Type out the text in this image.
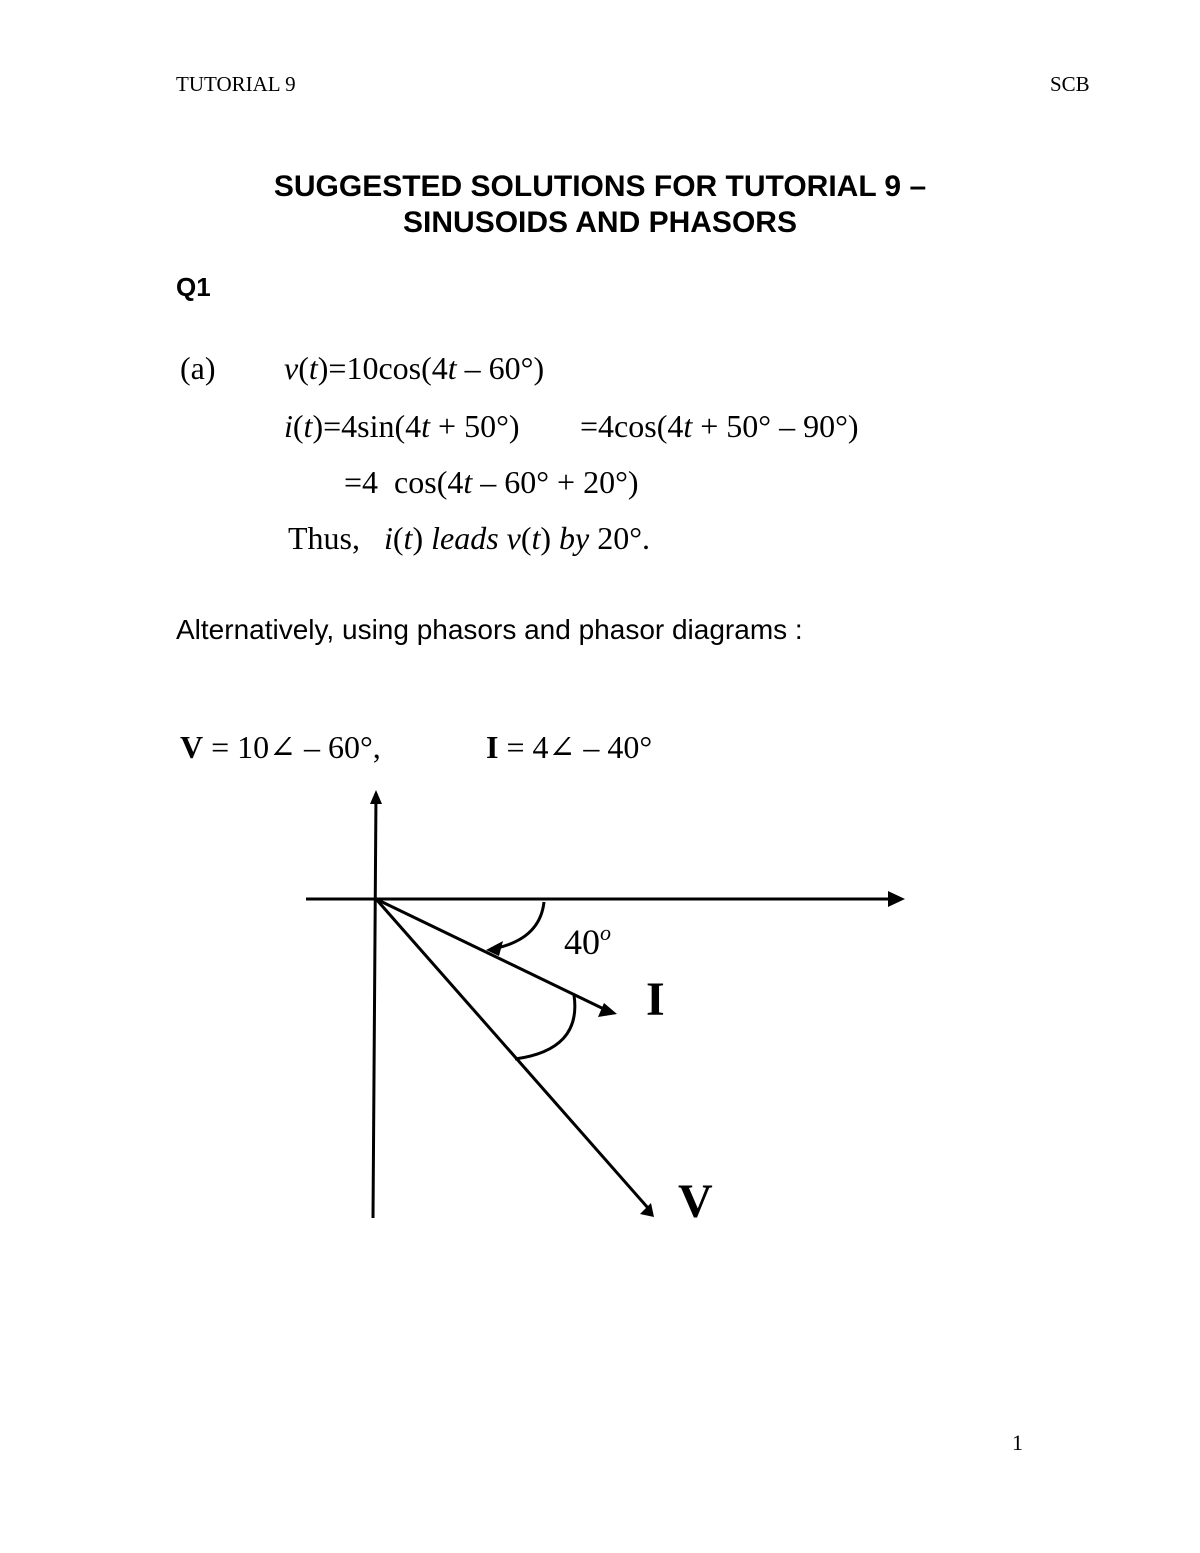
TUTORIAL 9	SCB
SUGGESTED SOLUTIONS FOR TUTORIAL 9 –
SINUSOIDS AND PHASORS
Q1
(a) v(t)=10cos(4t – 60°)
i(t)=4sin(4t + 50°) =4cos(4t + 50° – 90°)
=4  cos(4t – 60° + 20°)
Thus, i(t) leads v(t) by 20°.
Alternatively, using phasors and phasor diagrams :
V = 10∠ – 60°,	I = 4∠ – 40°
40$^o$
I
V
1
